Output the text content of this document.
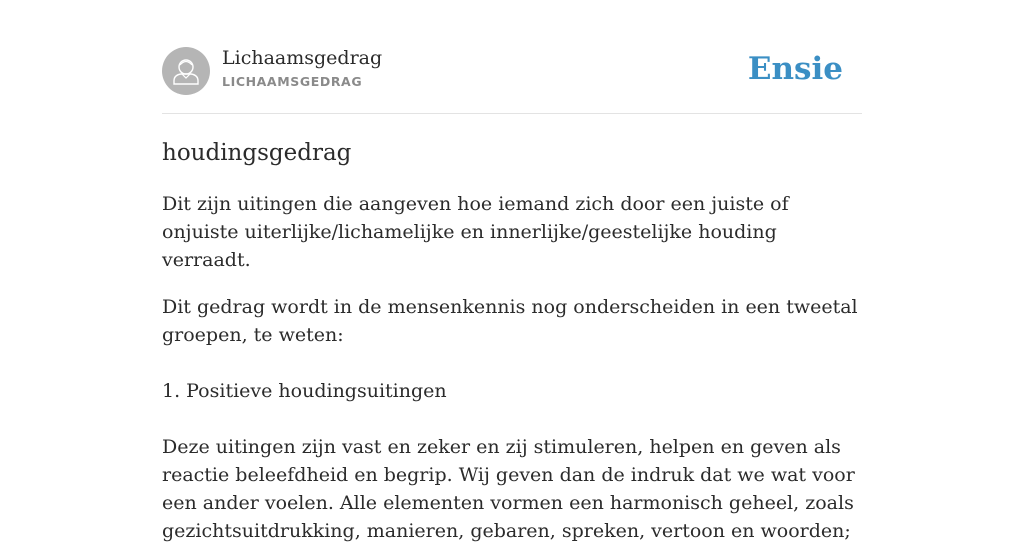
Lichaamsgedrag
LICHAAMSGEDRAG	Ensie
houdingsgedrag

Dit zijn uitingen die aangeven hoe iemand zich door een juiste of onjuiste uiterlijke/lichamelijke en innerlijke/geestelijke houding verraadt.

Dit gedrag wordt in de mensenkennis nog onderscheiden in een tweetal groepen, te weten:

1. Positieve houdingsuitingen

Deze uitingen zijn vast en zeker en zij stimuleren, helpen en geven als reactie beleefdheid en begrip. Wij geven dan de indruk dat we wat voor een ander voelen. Alle elementen vormen een harmonisch geheel, zoals gezichtsuitdrukking, manieren, gebaren, spreken, vertoon en woorden;
